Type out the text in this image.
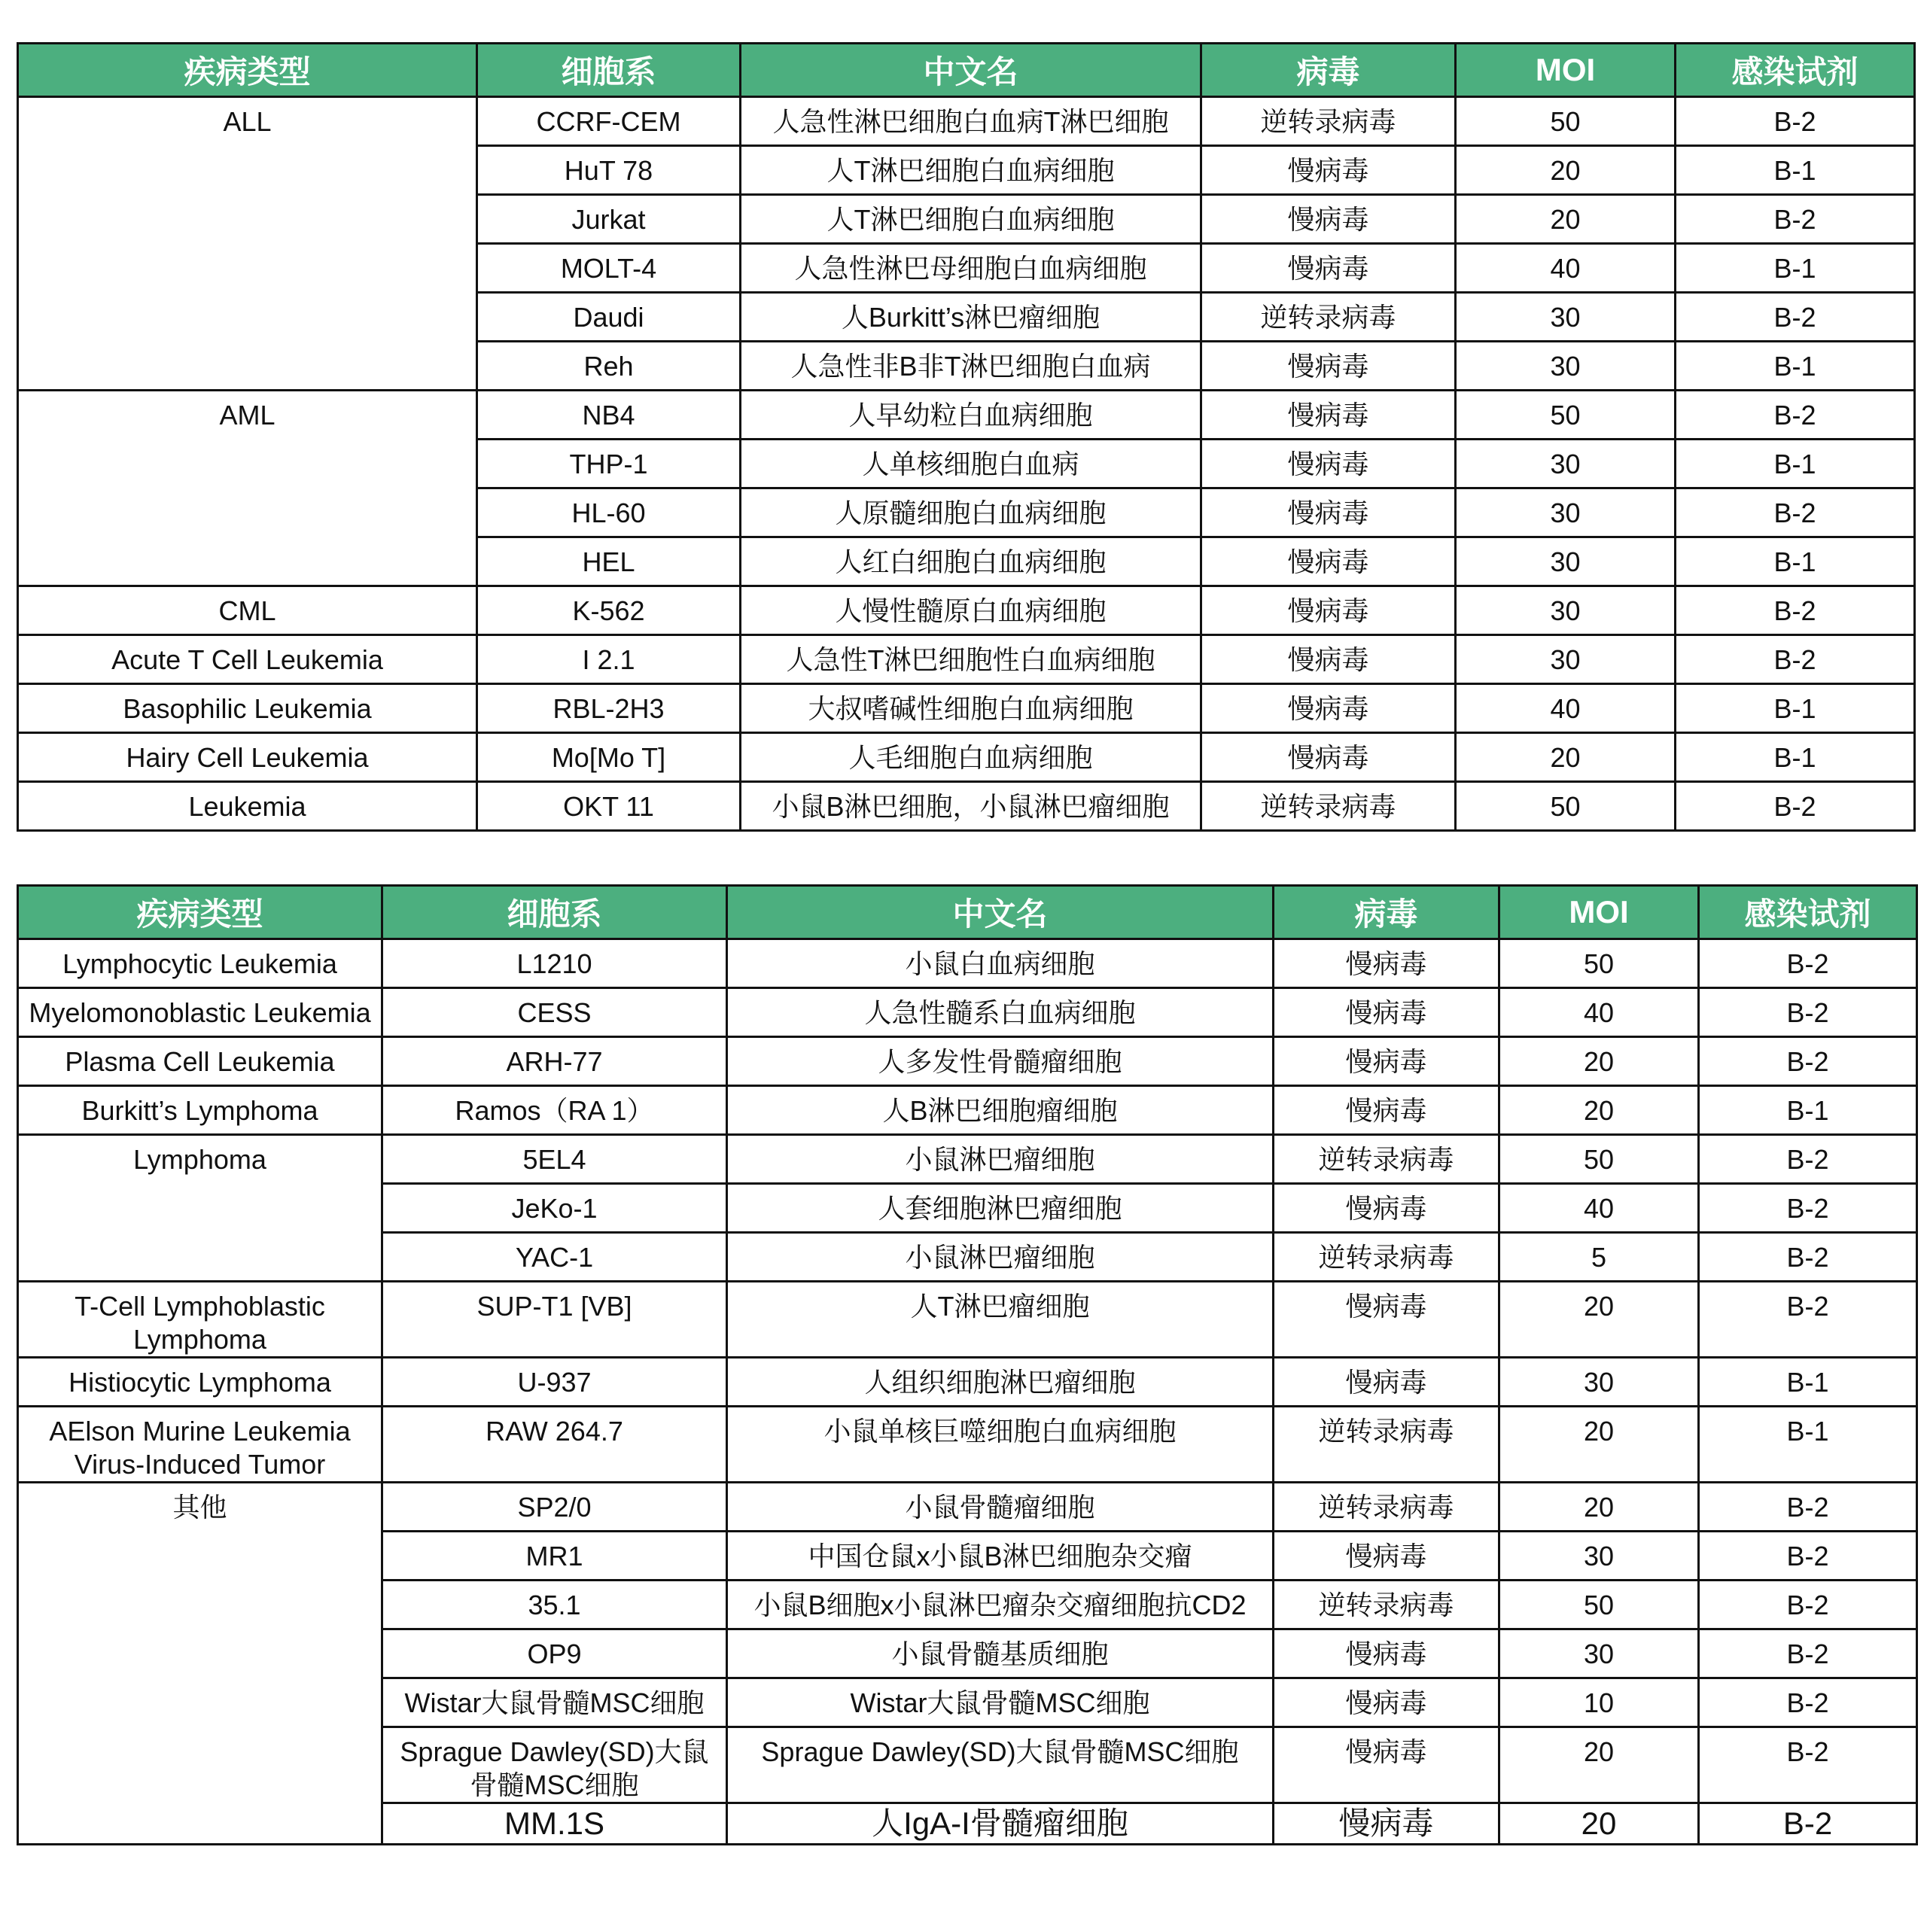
疾病类型	细胞系	中文名	病毒	MOI	感染试剂
ALL	CCRF-CEM	人急性淋巴细胞白血病T淋巴细胞	逆转录病毒	50	B-2
	HuT 78	人T淋巴细胞白血病细胞	慢病毒	20	B-1
	Jurkat	人T淋巴细胞白血病细胞	慢病毒	20	B-2
	MOLT-4	人急性淋巴母细胞白血病细胞	慢病毒	40	B-1
	Daudi	人Burkitt’s淋巴瘤细胞	逆转录病毒	30	B-2
	Reh	人急性非B非T淋巴细胞白血病	慢病毒	30	B-1
AML	NB4	人早幼粒白血病细胞	慢病毒	50	B-2
	THP-1	人单核细胞白血病	慢病毒	30	B-1
	HL-60	人原髓细胞白血病细胞	慢病毒	30	B-2
	HEL	人红白细胞白血病细胞	慢病毒	30	B-1
CML	K-562	人慢性髓原白血病细胞	慢病毒	30	B-2
Acute T Cell Leukemia	I 2.1	人急性T淋巴细胞性白血病细胞	慢病毒	30	B-2
Basophilic Leukemia	RBL-2H3	大叔嗜碱性细胞白血病细胞	慢病毒	40	B-1
Hairy Cell Leukemia	Mo[Mo T]	人毛细胞白血病细胞	慢病毒	20	B-1
Leukemia	OKT 11	小鼠B淋巴细胞，小鼠淋巴瘤细胞	逆转录病毒	50	B-2
疾病类型	细胞系	中文名	病毒	MOI	感染试剂
Lymphocytic Leukemia	L1210	小鼠白血病细胞	慢病毒	50	B-2
Myelomonoblastic Leukemia	CESS	人急性髓系白血病细胞	慢病毒	40	B-2
Plasma Cell Leukemia	ARH-77	人多发性骨髓瘤细胞	慢病毒	20	B-2
Burkitt’s Lymphoma	Ramos（RA 1）	人B淋巴细胞瘤细胞	慢病毒	20	B-1
Lymphoma	5EL4	小鼠淋巴瘤细胞	逆转录病毒	50	B-2
	JeKo-1	人套细胞淋巴瘤细胞	慢病毒	40	B-2
	YAC-1	小鼠淋巴瘤细胞	逆转录病毒	5	B-2
T-Cell Lymphoblastic Lymphoma	SUP-T1 [VB]	人T淋巴瘤细胞	慢病毒	20	B-2
Histiocytic Lymphoma	U-937	人组织细胞淋巴瘤细胞	慢病毒	30	B-1
AElson Murine Leukemia Virus-Induced Tumor	RAW 264.7	小鼠单核巨噬细胞白血病细胞	逆转录病毒	20	B-1
其他	SP2/0	小鼠骨髓瘤细胞	逆转录病毒	20	B-2
	MR1	中国仓鼠x小鼠B淋巴细胞杂交瘤	慢病毒	30	B-2
	35.1	小鼠B细胞x小鼠淋巴瘤杂交瘤细胞抗CD2	逆转录病毒	50	B-2
	OP9	小鼠骨髓基质细胞	慢病毒	30	B-2
	Wistar大鼠骨髓MSC细胞	Wistar大鼠骨髓MSC细胞	慢病毒	10	B-2
	Sprague Dawley(SD)大鼠骨髓MSC细胞	Sprague Dawley(SD)大鼠骨髓MSC细胞	慢病毒	20	B-2
	MM.1S	人IgA-I骨髓瘤细胞	慢病毒	20	B-2
